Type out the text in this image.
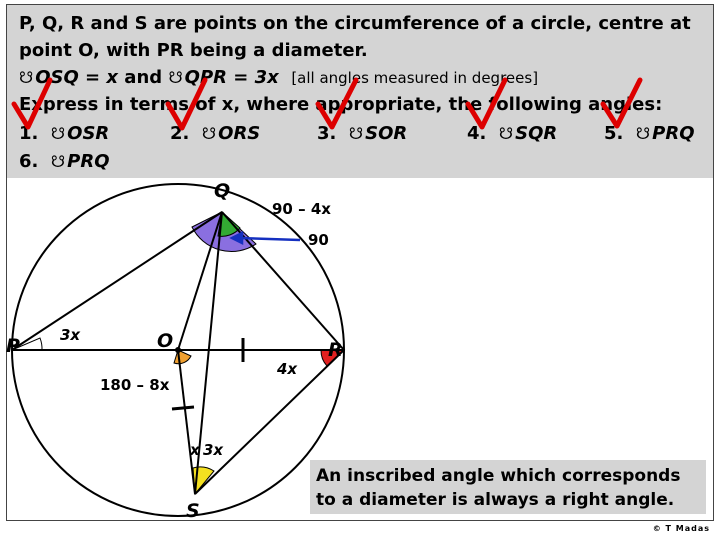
P, Q, R and S are points on the circumference of a circle, centre at
point O, with PR being a diameter.
☋ OSQ = x and ☋ QPR = 3x [all angles measured in degrees]
Express in terms of x, where appropriate, the following angles:
1. ☋ OSR	2. ☋ ORS	3. ☋ SOR	4. ☋ SQR	5. ☋ PRQ
6. ☋ PRQ
P
Q
R
S
O
3x
90 – 4x
90
180 – 8x
4x
x 3x
An inscribed angle which corresponds
to a diameter is always a right angle.
© T Madas
